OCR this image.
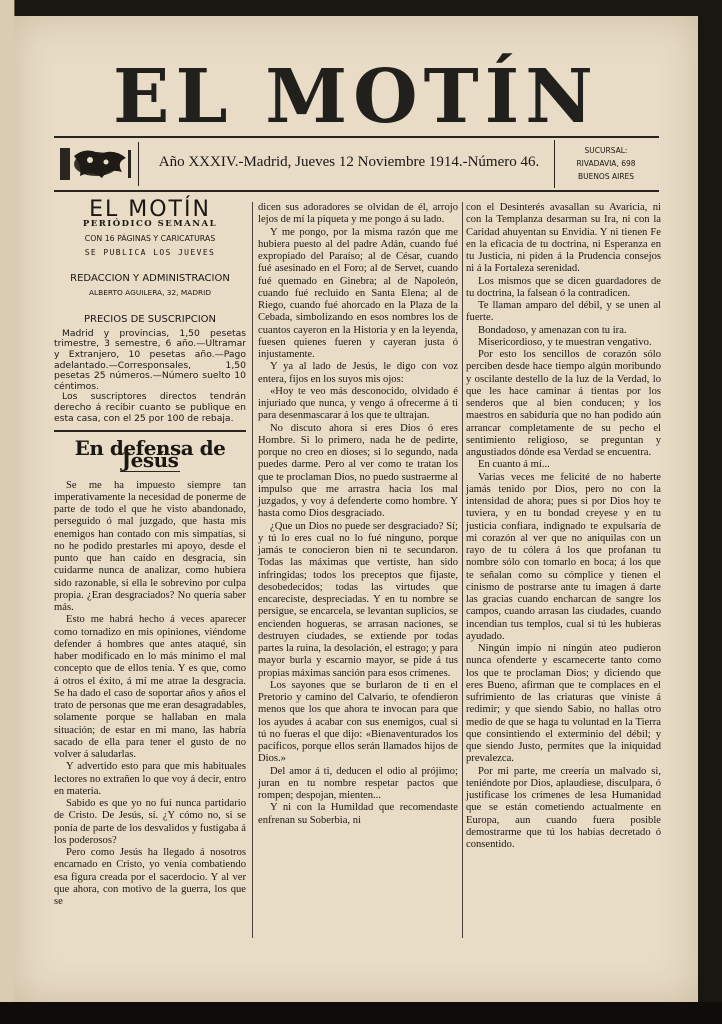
EL MOTÍN
Año XXXIV.-Madrid, Jueves 12 Noviembre 1914.-Número 46.
SUCURSAL:
RIVADAVIA, 698
BUENOS AIRES
EL MOTÍN
PERIÓDICO SEMANAL
CON 16 PÁGINAS Y CARICATURAS
SE PUBLICA LOS JUEVES
REDACCION Y ADMINISTRACION
ALBERTO AGUILERA, 32, MADRID
PRECIOS DE SUSCRIPCION

Madrid y provincias, 1,50 pesetas trimestre, 3 semestre, 6 año.—Ultramar y Extranjero, 10 pesetas año.—Pago adelantado.—Corresponsales, 1,50 pesetas 25 números.—Número suelto 10 céntimos.

Los suscriptores directos tendrán derecho á recibir cuanto se publique en esta casa, con el 25 por 100 de rebaja.

En defensa de Jesús

Se me ha impuesto siempre tan imperativamente la necesidad de ponerme de parte de todo el que he visto abandonado, perseguido ó mal juzgado, que hasta mis enemigos han contado con mis simpatías, si no he podido prestarles mi apoyo, desde el punto que han caído en desgracia, sin cuidarme nunca de analizar, como hubiera sido razonable, si ella le sobrevino por culpa propia. ¿Eran desgraciados? No quería saber más.

Esto me habrá hecho á veces aparecer como tornadizo en mis opiniones, viéndome defender á hombres que antes ataqué, sin haber modificado en lo más mínimo el mal concepto que de ellos tenía. Y es que, como á otros el éxito, á mí me atrae la desgracia. Se ha dado el caso de soportar años y años el trato de personas que me eran desagradables, solamente porque se hallaban en mala situación; de estar en mi mano, las habría sacado de ella para tener el gusto de no volver á saludarlas.

Y advertido esto para que mis habituales lectores no extrañen lo que voy á decir, entro en materia.

Sabido es que yo no fuí nunca partidario de Cristo. De Jesús, sí. ¿Y cómo no, si se ponía de parte de los desvalidos y fustigaba á los poderosos?

Pero como Jesús ha llegado á nosotros encarnado en Cristo, yo venía combatiendo esa figura creada por el sacerdocio. Y al ver que ahora, con motivo de la guerra, los que se

dicen sus adoradores se olvidan de él, arrojo lejos de mí la piqueta y me pongo á su lado.

Y me pongo, por la misma razón que me hubiera puesto al del padre Adán, cuando fué expropiado del Paraíso; al de César, cuando fué asesinado en el Foro; al de Servet, cuando fué quemado en Ginebra; al de Napoleón, cuando fué recluido en Santa Elena; al de Riego, cuando fué ahorcado en la Plaza de la Cebada, simbolizando en esos nombres los de cuantos cayeron en la Historia y en la leyenda, fuesen quienes fueren y cayeran justa ó injustamente.

Y ya al lado de Jesús, le digo con voz entera, fijos en los suyos mis ojos:

«Hoy te veo más desconocido, olvidado é injuriado que nunca, y vengo á ofrecerme á ti para desenmascarar á los que te ultrajan.

No discuto ahora si eres Dios ó eres Hombre. Si lo primero, nada he de pedirte, porque no creo en dioses; si lo segundo, nada puedes darme. Pero al ver como te tratan los que te proclaman Dios, no puedo sustraerme al impulso que me arrastra hacia los mal juzgados, y voy á defenderte como hombre. Y hasta como Dios desgraciado.

¿Que un Dios no puede ser desgraciado? Sí; y tú lo eres cual no lo fué ninguno, porque jamás te conocieron bien ni te secundaron. Todas las máximas que vertiste, han sido infringidas; todos los preceptos que fijaste, desobedecidos; todas las virtudes que encareciste, despreciadas. Y en tu nombre se persigue, se encarcela, se levantan suplicios, se encienden hogueras, se arrasan naciones, se destruyen ciudades, se extiende por todas partes la ruina, la desolación, el estrago; y para mayor burla y escarnio mayor, se pide á tus propias máximas sanción para esos crímenes.

Los sayones que se burlaron de ti en el Pretorio y camino del Calvario, te ofendieron menos que los que ahora te invocan para que los ayudes á acabar con sus enemigos, cual si tú no fueras el que dijo: «Bienaventurados los pacíficos, porque ellos serán llamados hijos de Dios.»

Del amor á ti, deducen el odio al prójimo; juran en tu nombre respetar pactos que rompen; despojan, mienten...

Y ni con la Humildad que recomendaste enfrenan su Soberbia, ni

con el Desinterés avasallan su Avaricia, ni con la Templanza desarman su Ira, ni con la Caridad ahuyentan su Envidia. Y ni tienen Fe en la eficacia de tu doctrina, ni Esperanza en tu Justicia, ni piden á la Prudencia consejos ni á la Fortaleza serenidad.

Los mismos que se dicen guardadores de tu doctrina, la falsean ó la contradicen.

Te llaman amparo del débil, y se unen al fuerte.

Bondadoso, y amenazan con tu ira.

Misericordioso, y te muestran vengativo.

Por esto los sencillos de corazón sólo perciben desde hace tiempo algún moribundo y oscilante destello de la luz de la Verdad, lo que les hace caminar á tientas por los senderos que al bien conducen; y los maestros en sabiduría que no han podido aún arrancar completamente de su pecho el sentimiento religioso, se preguntan y angustiados dónde esa Verdad se encuentra.

En cuanto á mí...

Varias veces me felicité de no haberte jamás tenido por Dios, pero no con la intensidad de ahora; pues si por Dios hoy te tuviera, y en tu bondad creyese y en tu justicia confiara, indignado te expulsaría de mi corazón al ver que no aniquilas con un rayo de tu cólera á los que profanan tu nombre sólo con tomarlo en boca; á los que te señalan como su cómplice y tienen el cinismo de postrarse ante tu imagen á darte las gracias cuando encharcan de sangre los campos, cuando arrasan las ciudades, cuando incendian tus templos, cual si tú les hubieras ayudado.

Ningún impío ni ningún ateo pudieron nunca ofenderte y escarnecerte tanto como los que te proclaman Dios; y diciendo que eres Bueno, afirman que te complaces en el sufrimiento de las criaturas que viniste á redimir; y que siendo Sabio, no hallas otro medio de que se haga tu voluntad en la Tierra que consintiendo el exterminio del débil; y que siendo Justo, permites que la iniquidad prevalezca.

Por mi parte, me creería un malvado si, teniéndote por Dios, aplaudiese, disculpara, ó justificase los crímenes de lesa Humanidad que se están cometiendo actualmente en Europa, aun cuando fuera posible demostrarme que tú los habías decretado ó consentido.
